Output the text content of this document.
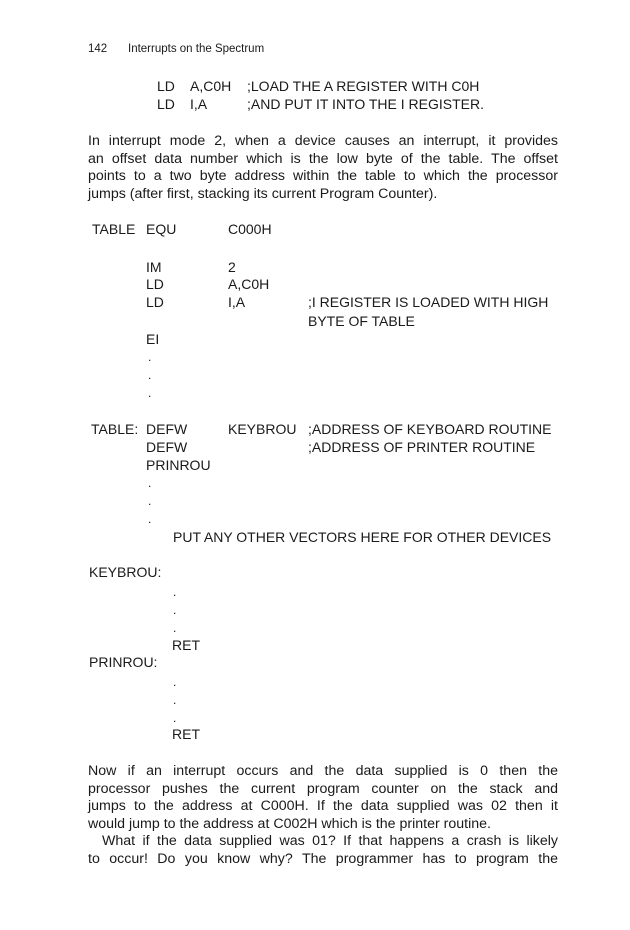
142 Interrupts on the Spectrum
LD A,C0H ;LOAD THE A REGISTER WITH C0H
LD I,A	;AND PUT IT INTO THE I REGISTER.
In interrupt mode 2, when a device causes an interrupt, it provides
an offset data number which is the low byte of the table. The offset
points to a two byte address within the table to which the processor
jumps (after first, stacking its current Program Counter).
TABLE EQU	C000H
IM	2
LD	A,C0H
LD	I,A	;I REGISTER IS LOADED WITH HIGH
BYTE OF TABLE
EI
.
.
.
TABLE: DEFW	KEYBROU ;ADDRESS OF KEYBOARD ROUTINE
DEFW	;ADDRESS OF PRINTER ROUTINE
PRINROU
.
.
.
PUT ANY OTHER VECTORS HERE FOR OTHER DEVICES
KEYBROU:
.
.
.
RET
PRINROU:
.
.
.
RET
Now if an interrupt occurs and the data supplied is 0 then the
processor pushes the current program counter on the stack and
jumps to the address at C000H. If the data supplied was 02 then it
would jump to the address at C002H which is the printer routine.
What if the data supplied was 01? If that happens a crash is likely
to occur! Do you know why? The programmer has to program the
